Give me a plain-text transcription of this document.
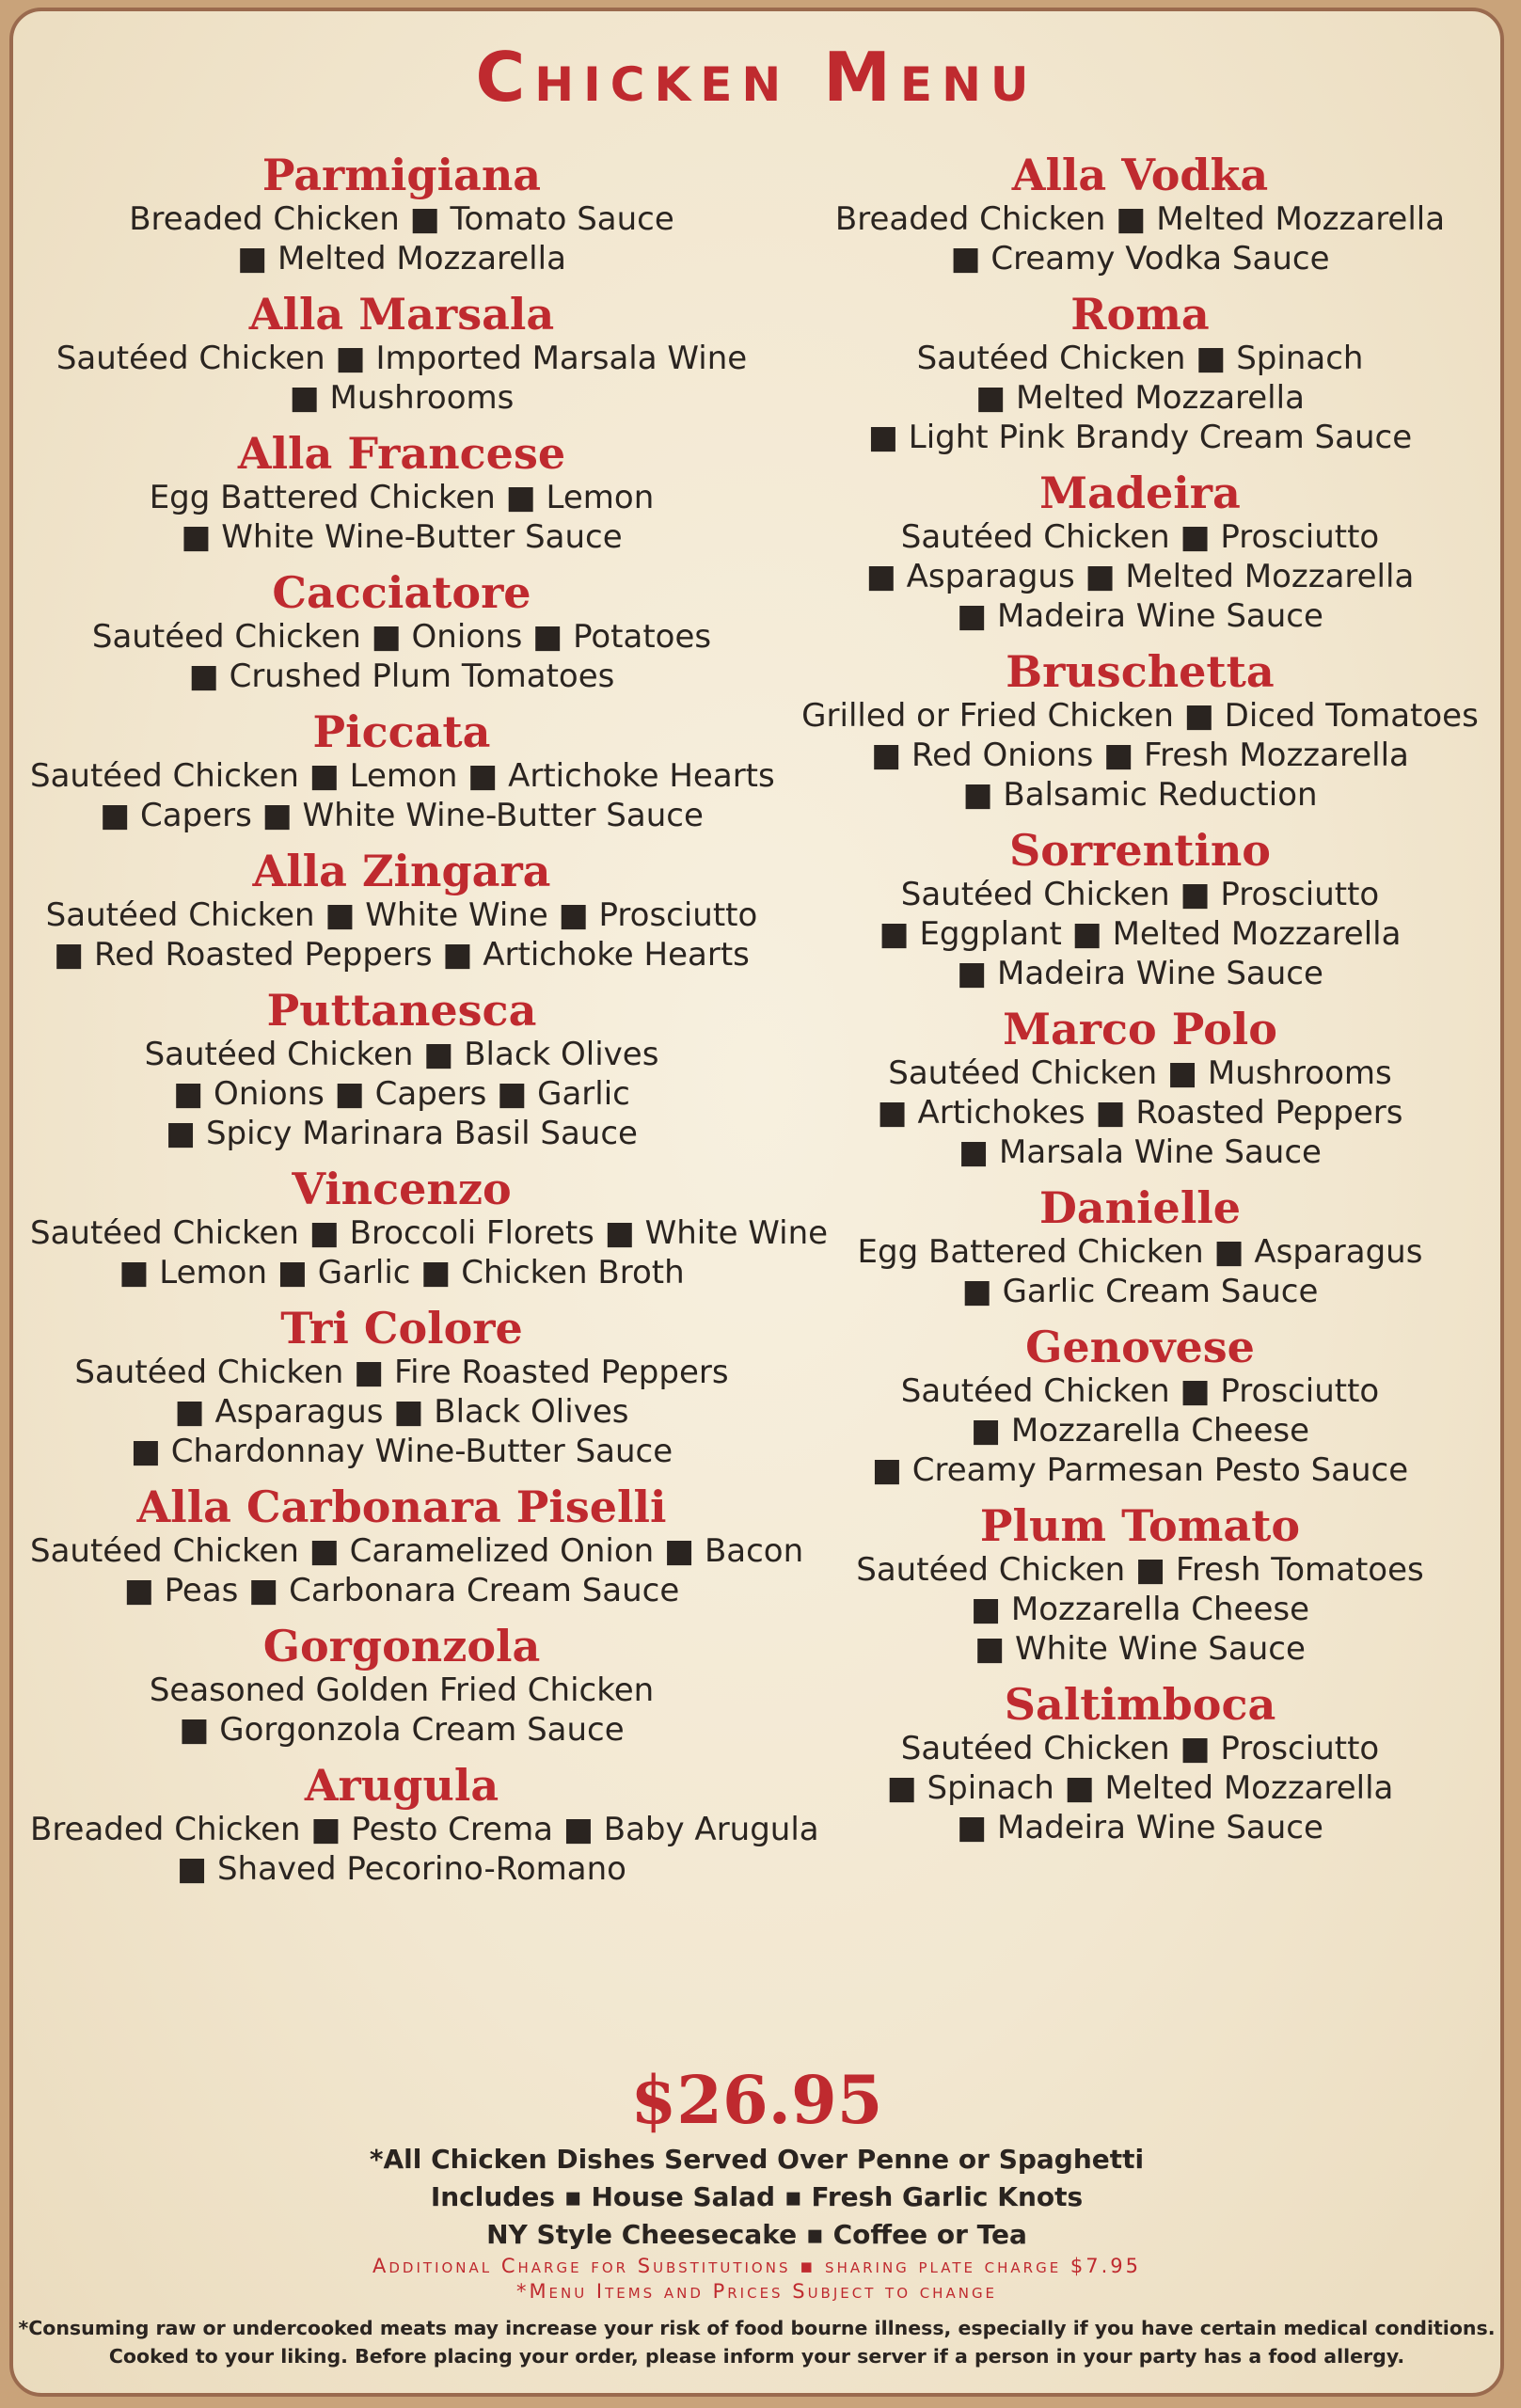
Chicken Menu
Parmigiana
Breaded Chicken ■ Tomato Sauce
■ Melted Mozzarella
Alla Marsala
Sautéed Chicken ■ Imported Marsala Wine
■ Mushrooms
Alla Francese
Egg Battered Chicken ■ Lemon
■ White Wine-Butter Sauce
Cacciatore
Sautéed Chicken ■ Onions ■ Potatoes
■ Crushed Plum Tomatoes
Piccata
Sautéed Chicken ■ Lemon ■ Artichoke Hearts
■ Capers ■ White Wine-Butter Sauce
Alla Zingara
Sautéed Chicken ■ White Wine ■ Prosciutto
■ Red Roasted Peppers ■ Artichoke Hearts
Puttanesca
Sautéed Chicken ■ Black Olives
■ Onions ■ Capers ■ Garlic
■ Spicy Marinara Basil Sauce
Vincenzo
Sautéed Chicken ■ Broccoli Florets ■ White Wine
■ Lemon ■ Garlic ■ Chicken Broth
Tri Colore
Sautéed Chicken ■ Fire Roasted Peppers
■ Asparagus ■ Black Olives
■ Chardonnay Wine-Butter Sauce
Alla Carbonara Piselli
Sautéed Chicken ■ Caramelized Onion ■ Bacon
■ Peas ■ Carbonara Cream Sauce
Gorgonzola
Seasoned Golden Fried Chicken
■ Gorgonzola Cream Sauce
Arugula
Breaded Chicken ■ Pesto Crema ■ Baby Arugula
■ Shaved Pecorino-Romano
Alla Vodka
Breaded Chicken ■ Melted Mozzarella
■ Creamy Vodka Sauce
Roma
Sautéed Chicken ■ Spinach
■ Melted Mozzarella
■ Light Pink Brandy Cream Sauce
Madeira
Sautéed Chicken ■ Prosciutto
■ Asparagus ■ Melted Mozzarella
■ Madeira Wine Sauce
Bruschetta
Grilled or Fried Chicken ■ Diced Tomatoes
■ Red Onions ■ Fresh Mozzarella
■ Balsamic Reduction
Sorrentino
Sautéed Chicken ■ Prosciutto
■ Eggplant ■ Melted Mozzarella
■ Madeira Wine Sauce
Marco Polo
Sautéed Chicken ■ Mushrooms
■ Artichokes ■ Roasted Peppers
■ Marsala Wine Sauce
Danielle
Egg Battered Chicken ■ Asparagus
■ Garlic Cream Sauce
Genovese
Sautéed Chicken ■ Prosciutto
■ Mozzarella Cheese
■ Creamy Parmesan Pesto Sauce
Plum Tomato
Sautéed Chicken ■ Fresh Tomatoes
■ Mozzarella Cheese
■ White Wine Sauce
Saltimboca
Sautéed Chicken ■ Prosciutto
■ Spinach ■ Melted Mozzarella
■ Madeira Wine Sauce
$26.95
*All Chicken Dishes Served Over Penne or Spaghetti
Includes ▪ House Salad ▪ Fresh Garlic Knots
NY Style Cheesecake ▪ Coffee or Tea
Additional Charge for Substitutions ▪ sharing plate charge $7.95
*Menu Items and Prices Subject to change
*Consuming raw or undercooked meats may increase your risk of food bourne illness, especially if you have certain medical conditions.
Cooked to your liking. Before placing your order, please inform your server if a person in your party has a food allergy.
